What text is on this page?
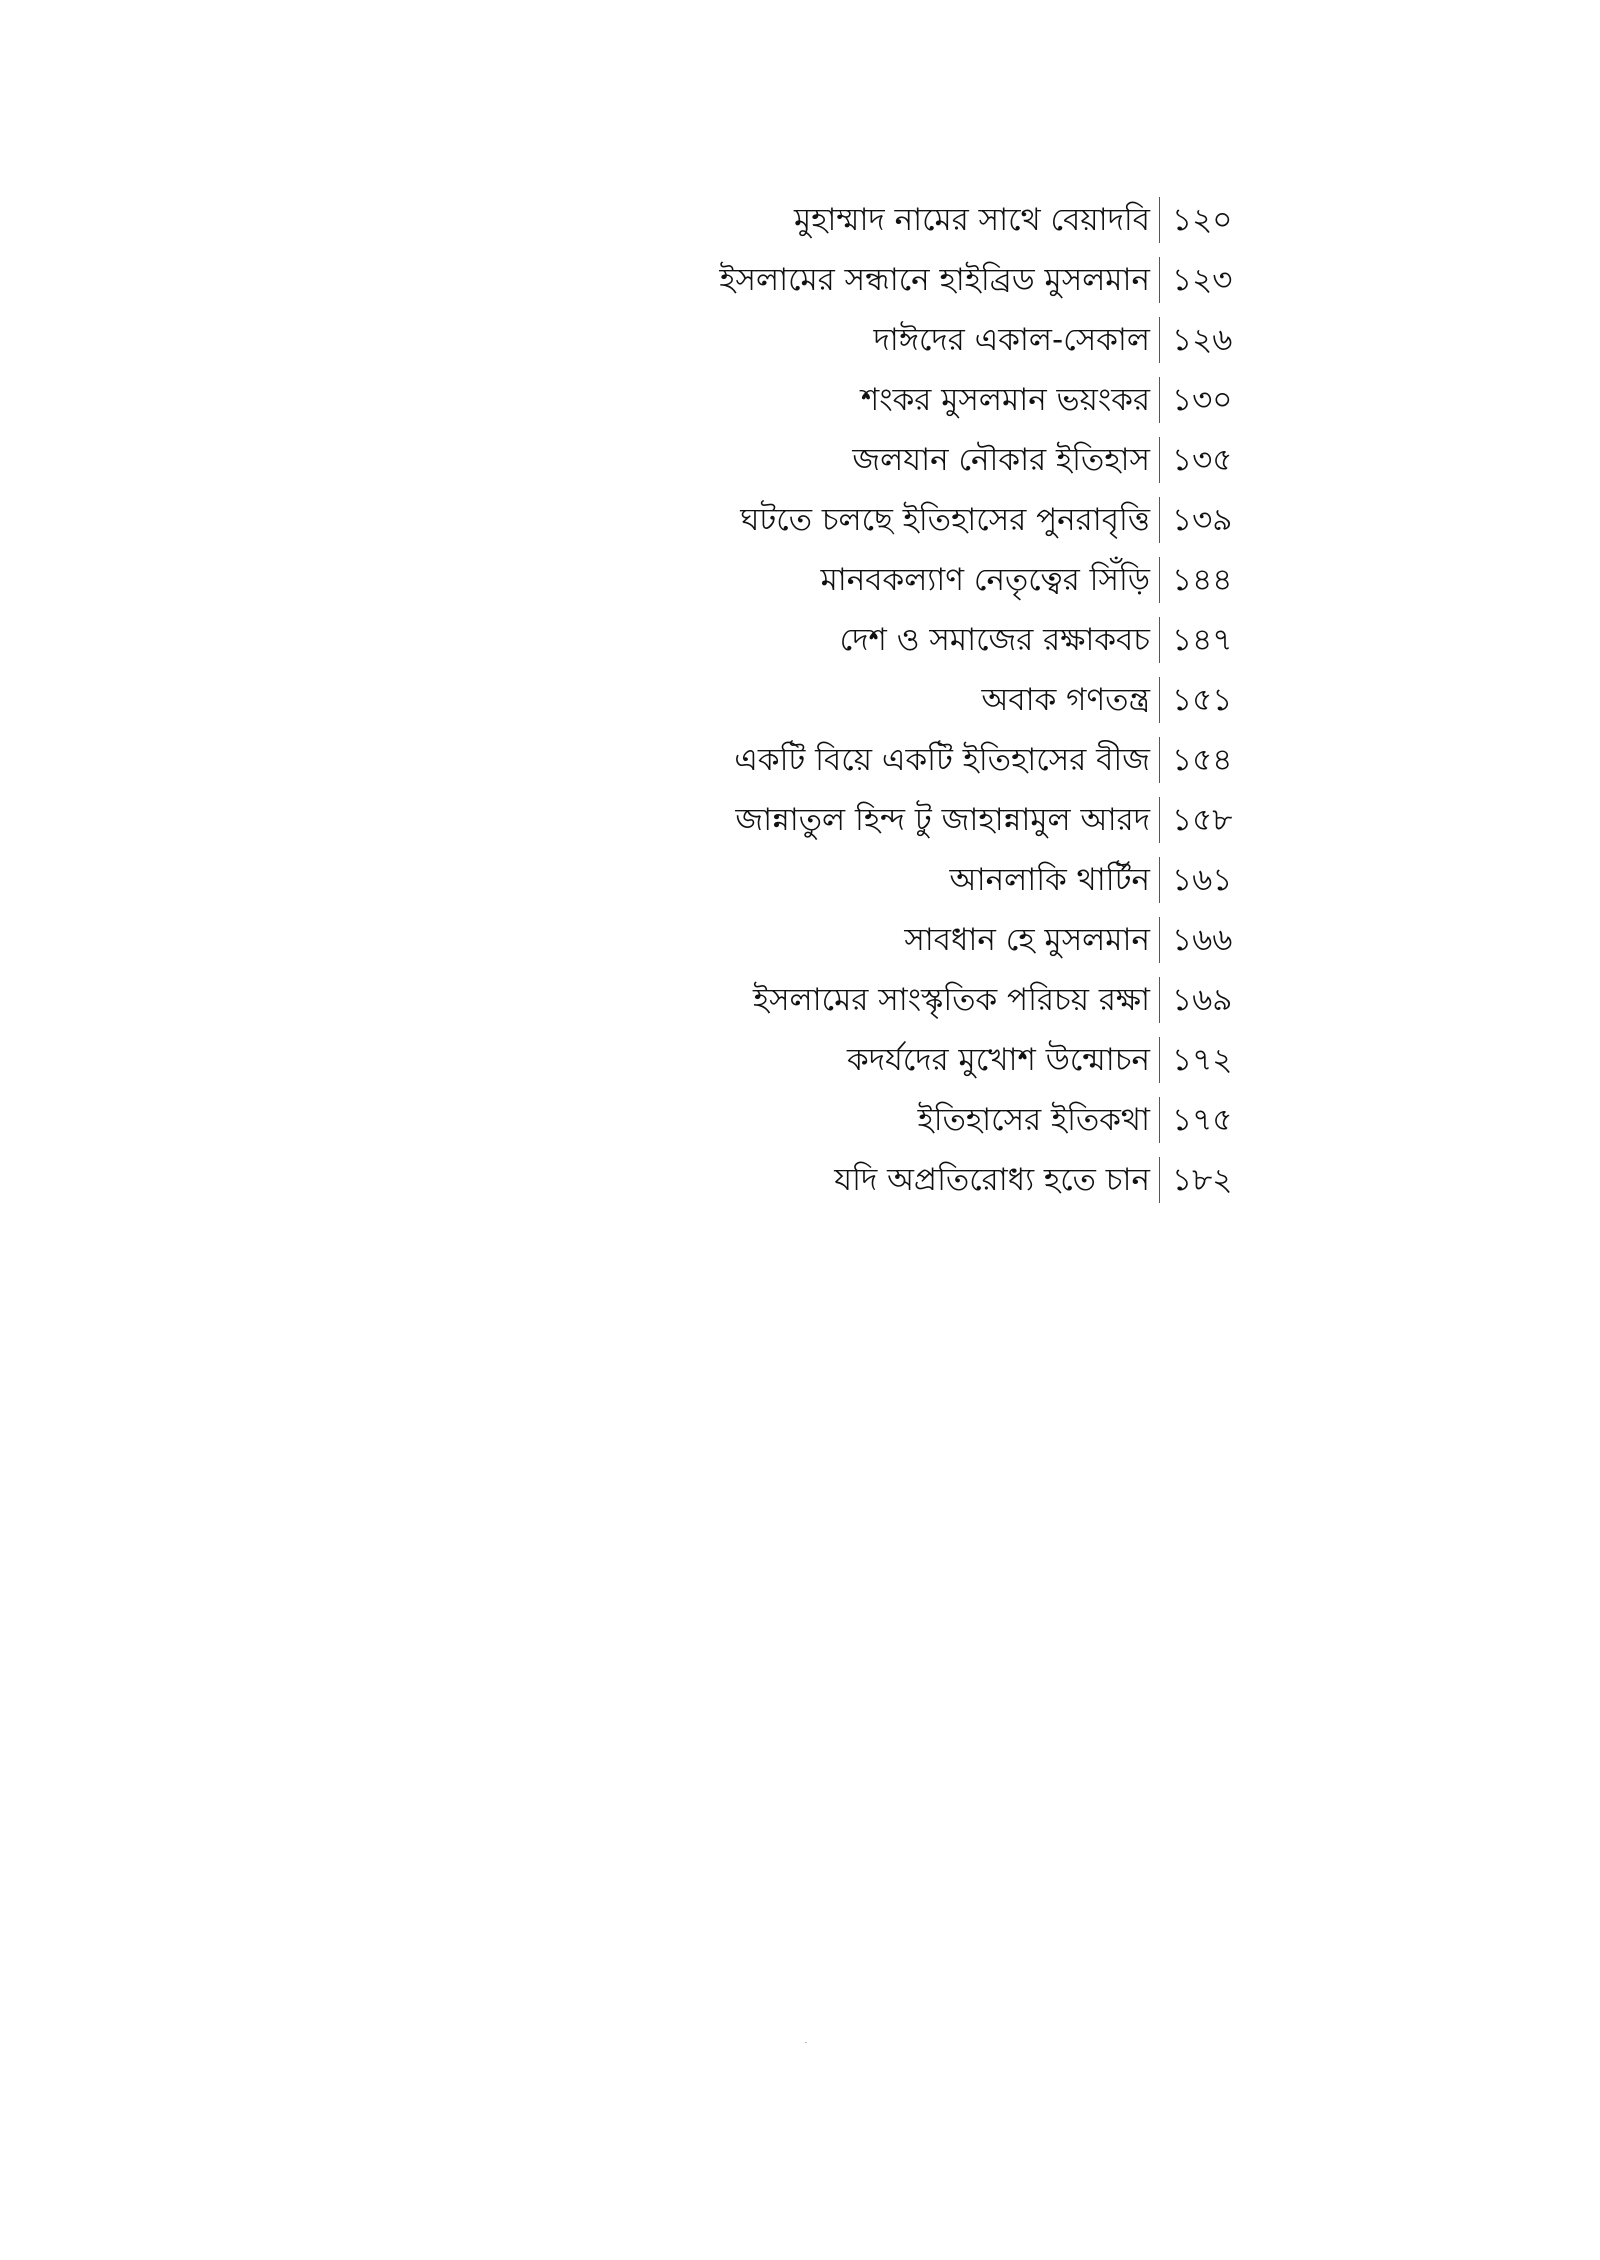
মুহাম্মাদ নামের সাথে বেয়াদবি ১২০
ইসলামের সন্ধানে হাইব্রিড মুসলমান ১২৩
দাঈদের একাল-সেকাল ১২৬
শংকর মুসলমান ভয়ংকর ১৩০
জলযান নৌকার ইতিহাস ১৩৫
ঘটতে চলছে ইতিহাসের পুনরাবৃত্তি ১৩৯
মানবকল্যাণ নেতৃত্বের সিঁড়ি ১৪৪
দেশ ও সমাজের রক্ষাকবচ ১৪৭
অবাক গণতন্ত্র ১৫১
একটি বিয়ে একটি ইতিহাসের বীজ ১৫৪
জান্নাতুল হিন্দ টু জাহান্নামুল আরদ ১৫৮
আনলাকি থার্টিন ১৬১
সাবধান হে মুসলমান ১৬৬
ইসলামের সাংস্কৃতিক পরিচয় রক্ষা ১৬৯
কদর্যদের মুখোশ উন্মোচন ১৭২
ইতিহাসের ইতিকথা ১৭৫
যদি অপ্রতিরোধ্য হতে চান ১৮২
